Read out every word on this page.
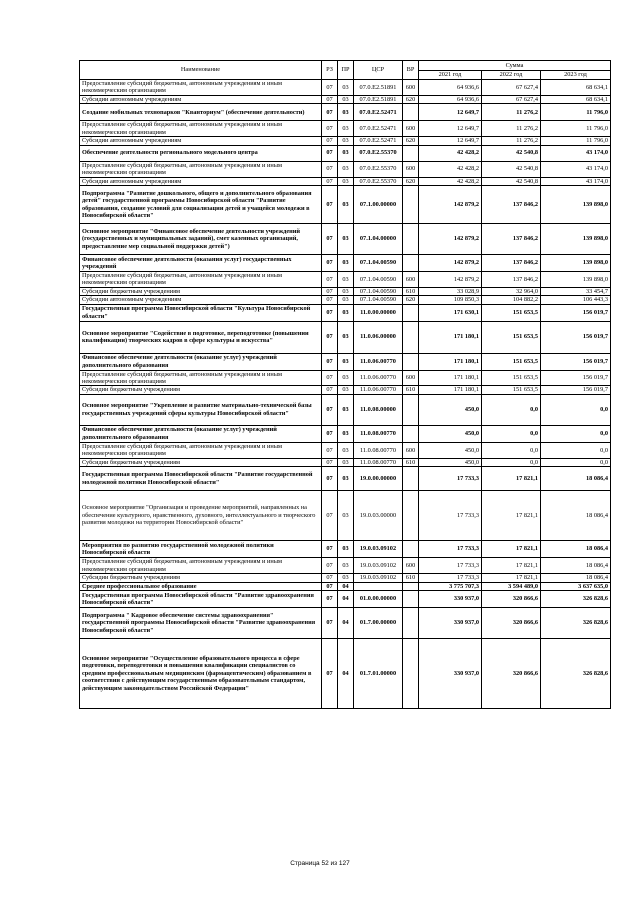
Наименование	РЗ	ПР	ЦСР	ВР	Сумма		
					2021 год	2022 год	2023 год
Предоставление субсидий бюджетным, автономным учреждениям и иным некоммерческим организациям	07	03	07.0.E2.51891	600	64 936,6	67 627,4	68 634,1
Субсидии автономным учреждениям	07	03	07.0.E2.51891	620	64 936,6	67 627,4	68 634,1
Создание мобильных технопарков "Кванториум" (обеспечение деятельности)	07	03	07.0.E2.52471		12 649,7	11 276,2	11 796,0
Предоставление субсидий бюджетным, автономным учреждениям и иным некоммерческим организациям	07	03	07.0.E2.52471	600	12 649,7	11 276,2	11 796,0
Субсидии автономным учреждениям	07	03	07.0.E2.52471	620	12 649,7	11 276,2	11 796,0
Обеспечение деятельности регионального модельного центра	07	03	07.0.E2.55370		42 428,2	42 540,8	43 174,0
Предоставление субсидий бюджетным, автономным учреждениям и иным некоммерческим организациям	07	03	07.0.E2.55370	600	42 428,2	42 540,8	43 174,0
Субсидии автономным учреждениям	07	03	07.0.E2.55370	620	42 428,2	42 540,8	43 174,0
Подпрограмма "Развитие дошкольного, общего и дополнительного образования детей" государственной программы Новосибирской области "Развитие образования, создание условий для социализации детей и учащейся молодежи в Новосибирской области"	07	03	07.1.00.00000		142 879,2	137 846,2	139 898,0
Основное мероприятие "Финансовое обеспечение деятельности учреждений (государственных и муниципальных заданий), смет казенных организаций, предоставление мер социальной поддержки детей")	07	03	07.1.04.00000		142 879,2	137 846,2	139 898,0
Финансовое обеспечение деятельности (оказания услуг) государственных учреждений	07	03	07.1.04.00590		142 879,2	137 846,2	139 898,0
Предоставление субсидий бюджетным, автономным учреждениям и иным некоммерческим организациям	07	03	07.1.04.00590	600	142 879,2	137 846,2	139 898,0
Субсидии бюджетным учреждениям	07	03	07.1.04.00590	610	33 028,9	32 964,0	33 454,7
Субсидии автономным учреждениям	07	03	07.1.04.00590	620	109 850,3	104 882,2	106 443,3
Государственная программа Новосибирской области "Культура Новосибирской области"	07	03	11.0.00.00000		171 630,1	151 653,5	156 019,7
Основное мероприятие "Содействие в подготовке, переподготовке (повышении квалификации) творческих кадров в сфере культуры и искусства"	07	03	11.0.06.00000		171 180,1	151 653,5	156 019,7
Финансовое обеспечение деятельности (оказание услуг) учреждений дополнительного образования	07	03	11.0.06.00770		171 180,1	151 653,5	156 019,7
Предоставление субсидий бюджетным, автономным учреждениям и иным некоммерческим организациям	07	03	11.0.06.00770	600	171 180,1	151 653,5	156 019,7
Субсидии бюджетным учреждениям	07	03	11.0.06.00770	610	171 180,1	151 653,5	156 019,7
Основное мероприятие "Укрепление и развитие материально-технической базы государственных учреждений сферы культуры Новосибирской области"	07	03	11.0.08.00000		450,0	0,0	0,0
Финансовое обеспечение деятельности (оказание услуг) учреждений дополнительного образования	07	03	11.0.08.00770		450,0	0,0	0,0
Предоставление субсидий бюджетным, автономным учреждениям и иным некоммерческим организациям	07	03	11.0.08.00770	600	450,0	0,0	0,0
Субсидии бюджетным учреждениям	07	03	11.0.08.00770	610	450,0	0,0	0,0
Государственная программа Новосибирской области "Развитие государственной молодежной политики Новосибирской области"	07	03	19.0.00.00000		17 733,3	17 821,1	18 086,4
Основное мероприятие "Организация и проведение мероприятий, направленных на обеспечение культурного, нравственного, духовного, интеллектуального и творческого развития молодежи на территории Новосибирской области"	07	03	19.0.03.00000		17 733,3	17 821,1	18 086,4
Мероприятия по развитию государственной молодежной политики Новосибирской области	07	03	19.0.03.09102		17 733,3	17 821,1	18 086,4
Предоставление субсидий бюджетным, автономным учреждениям и иным некоммерческим организациям	07	03	19.0.03.09102	600	17 733,3	17 821,1	18 086,4
Субсидии бюджетным учреждениям	07	03	19.0.03.09102	610	17 733,3	17 821,1	18 086,4
Среднее профессиональное образование	07	04			3 775 707,3	3 594 489,0	3 637 635,0
Государственная программа Новосибирской области "Развитие здравоохранения Новосибирской области"	07	04	01.0.00.00000		330 937,0	320 866,6	326 828,6
Подпрограмма " Кадровое обеспечение системы здравоохранения" государственной программы Новосибирской области "Развитие здравоохранения Новосибирской области"	07	04	01.7.00.00000		330 937,0	320 866,6	326 828,6
Основное мероприятие "Осуществление образовательного процесса в сфере подготовки, переподготовки и повышения квалификации специалистов со средним профессиональным медицинским (фармацевтическим) образованием в соответствии с действующим государственным образовательным стандартом, действующим законодательством Российской Федерации"	07	04	01.7.01.00000		330 937,0	320 866,6	326 828,6
Страница 52 из 127
